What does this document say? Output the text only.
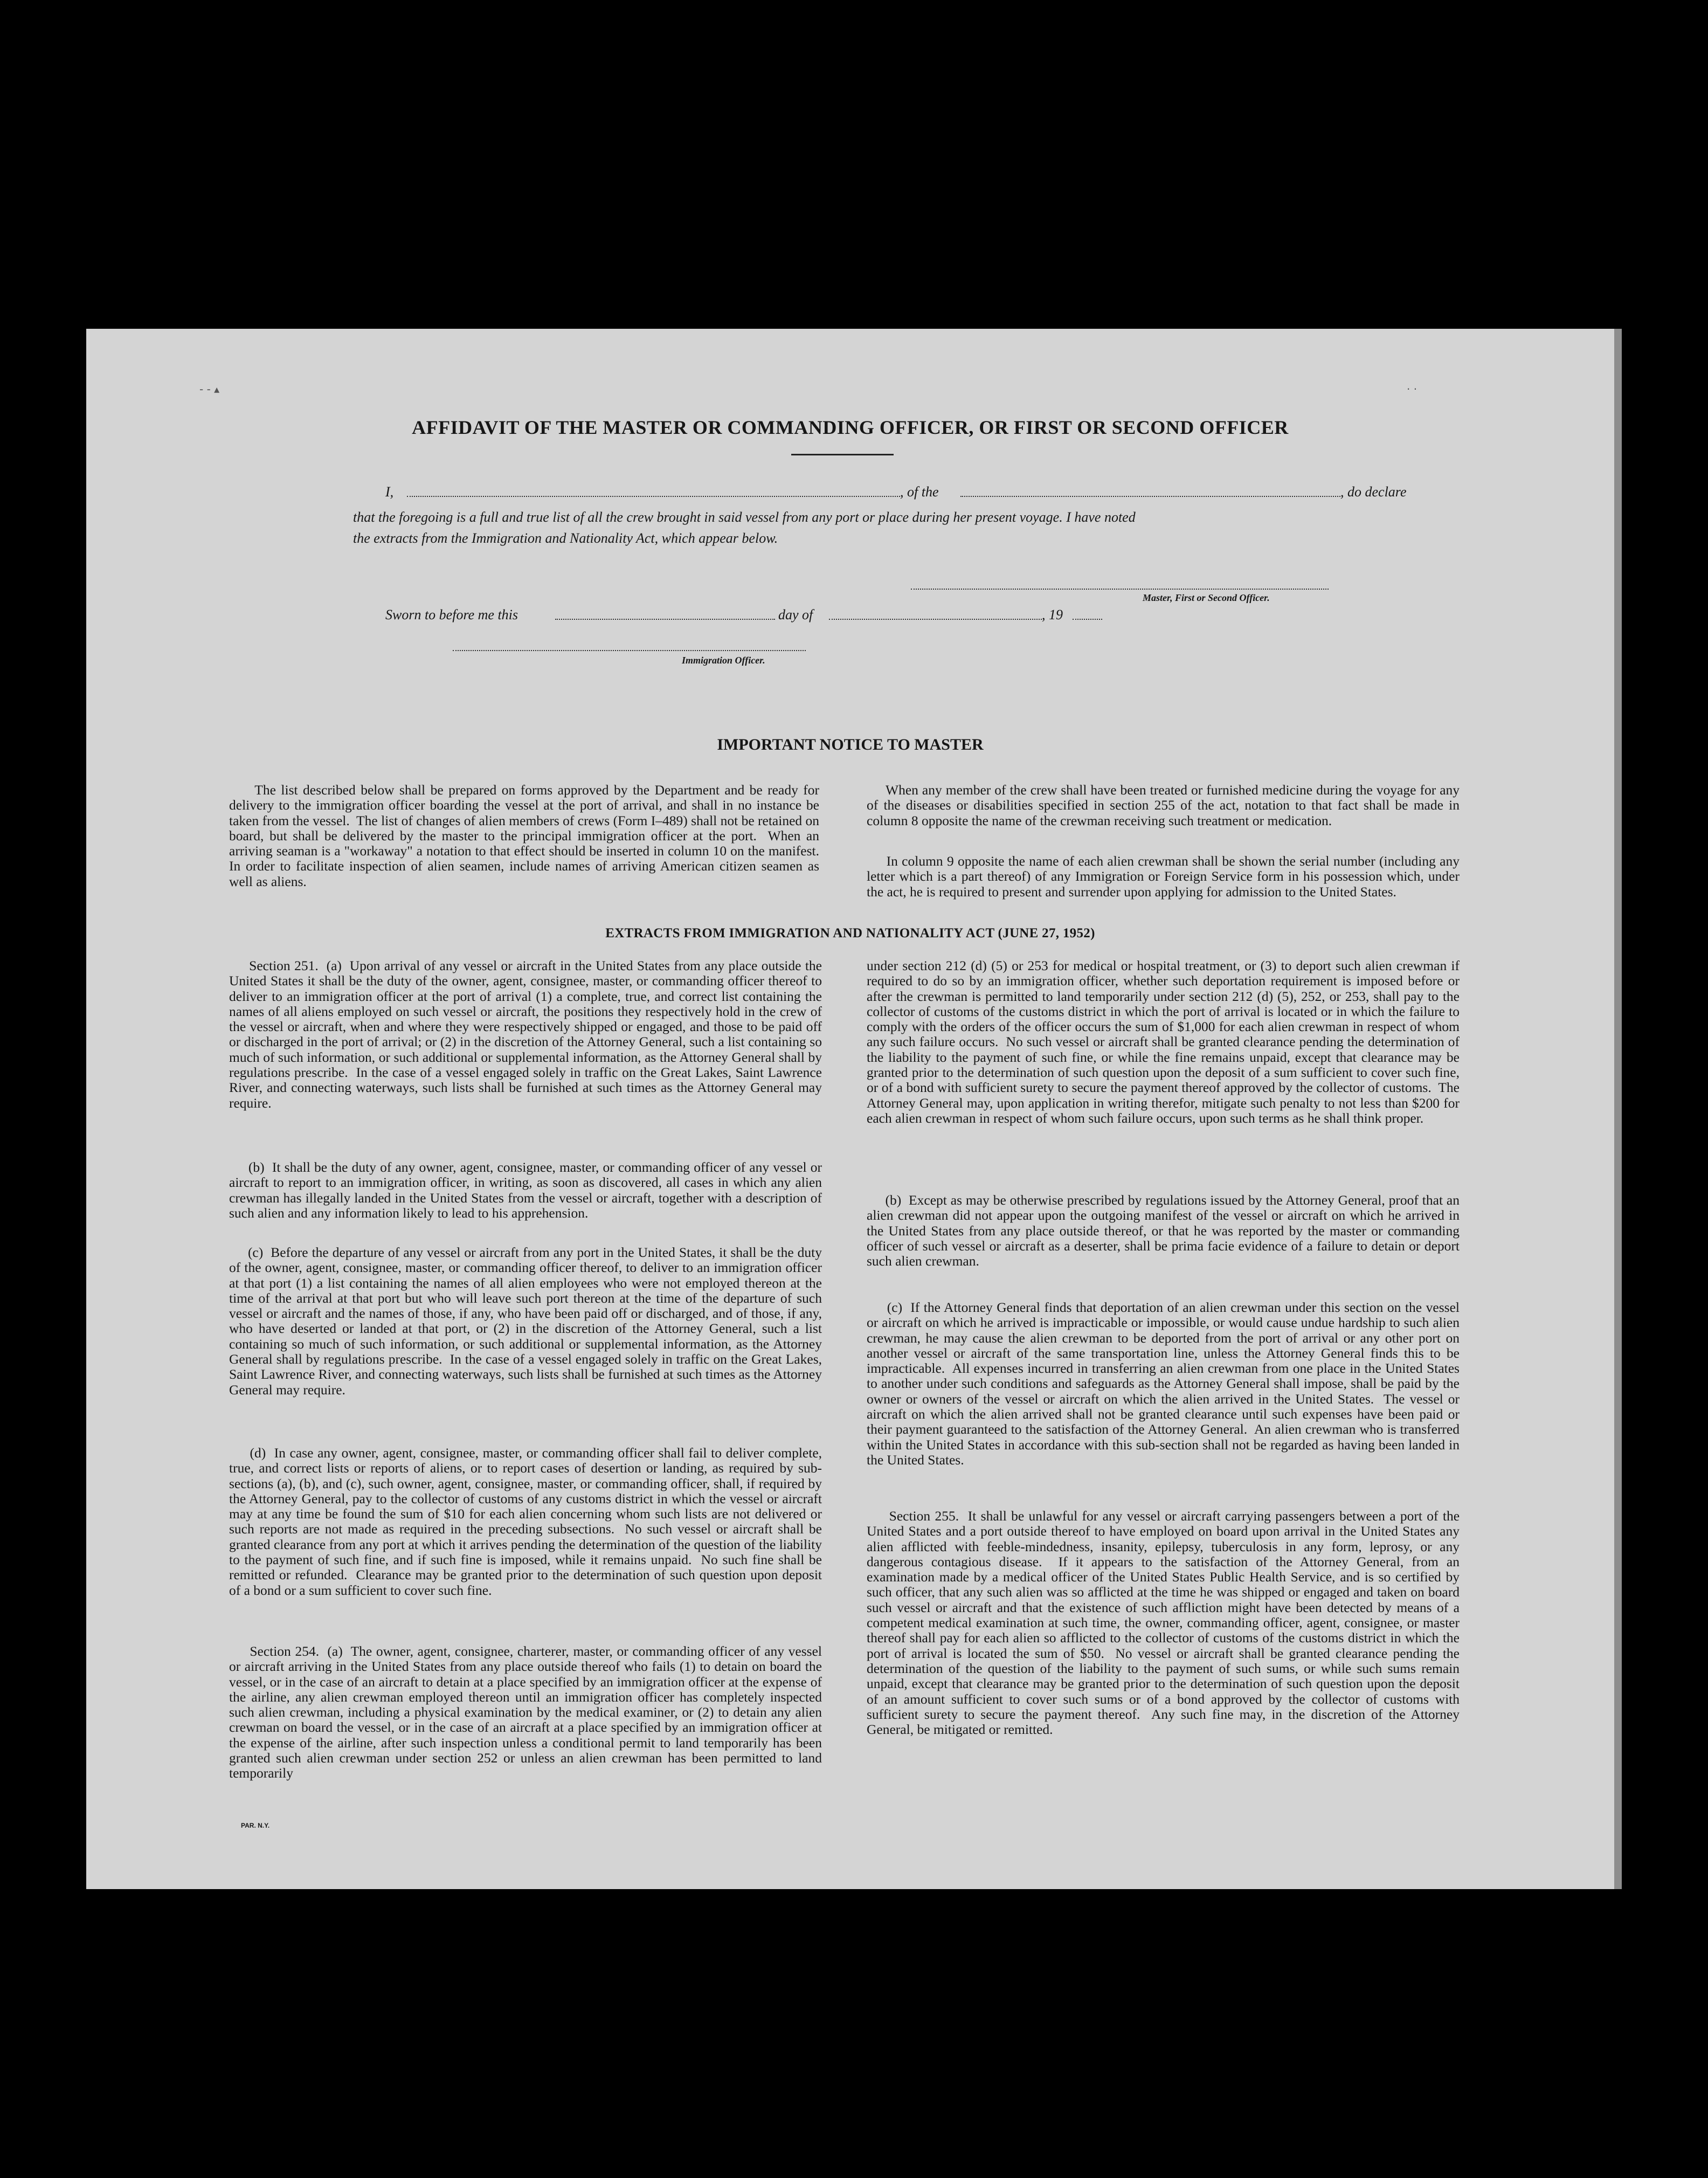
AFFIDAVIT OF THE MASTER OR COMMANDING OFFICER, OR FIRST OR SECOND OFFICER
I,	, of the	, do declare
that the foregoing is a full and true list of all the crew brought in said vessel from any port or place during her present voyage. I have noted
the extracts from the Immigration and Nationality Act, which appear below.
Master, First or Second Officer.
Sworn to before me this	day of	, 19
Immigration Officer.
IMPORTANT NOTICE TO MASTER
The list described below shall be prepared on forms approved by the Department and be ready for delivery to the immigration officer boarding the vessel at the port of arrival, and shall in no instance be taken from the vessel.  The list of changes of alien members of crews (Form I–489) shall not be retained on board, but shall be delivered by the master to the principal immigration officer at the port.  When an arriving seaman is a "workaway" a notation to that effect should be inserted in column 10 on the manifest.  In order to facilitate inspection of alien seamen, include names of arriving American citizen seamen as well as aliens.
When any member of the crew shall have been treated or furnished medicine during the voyage for any of the diseases or disabilities specified in section 255 of the act, notation to that fact shall be made in column 8 opposite the name of the crewman receiving such treatment or medication.
In column 9 opposite the name of each alien crewman shall be shown the serial number (including any letter which is a part thereof) of any Immigration or Foreign Service form in his possession which, under the act, he is required to present and surrender upon applying for admission to the United States.
EXTRACTS FROM IMMIGRATION AND NATIONALITY ACT (JUNE 27, 1952)
Section 251.  (a)  Upon arrival of any vessel or aircraft in the United States from any place outside the United States it shall be the duty of the owner, agent, consignee, master, or commanding officer thereof to deliver to an immigration officer at the port of arrival (1) a complete, true, and correct list containing the names of all aliens employed on such vessel or aircraft, the positions they respectively hold in the crew of the vessel or aircraft, when and where they were respectively shipped or engaged, and those to be paid off or discharged in the port of arrival; or (2) in the discretion of the Attorney General, such a list containing so much of such information, or such additional or supplemental information, as the Attorney General shall by regulations prescribe.  In the case of a vessel engaged solely in traffic on the Great Lakes, Saint Lawrence River, and connecting waterways, such lists shall be furnished at such times as the Attorney General may require.
(b)  It shall be the duty of any owner, agent, consignee, master, or commanding officer of any vessel or aircraft to report to an immigration officer, in writing, as soon as discovered, all cases in which any alien crewman has illegally landed in the United States from the vessel or aircraft, together with a description of such alien and any information likely to lead to his apprehension.
(c)  Before the departure of any vessel or aircraft from any port in the United States, it shall be the duty of the owner, agent, consignee, master, or commanding officer thereof, to deliver to an immigration officer at that port (1) a list containing the names of all alien employees who were not employed thereon at the time of the arrival at that port but who will leave such port thereon at the time of the departure of such vessel or aircraft and the names of those, if any, who have been paid off or discharged, and of those, if any, who have deserted or landed at that port, or (2) in the discretion of the Attorney General, such a list containing so much of such information, or such additional or supplemental information, as the Attorney General shall by regulations prescribe.  In the case of a vessel engaged solely in traffic on the Great Lakes, Saint Lawrence River, and connecting waterways, such lists shall be furnished at such times as the Attorney General may require.
(d)  In case any owner, agent, consignee, master, or commanding officer shall fail to deliver complete, true, and correct lists or reports of aliens, or to report cases of desertion or landing, as required by sub-sections (a), (b), and (c), such owner, agent, consignee, master, or commanding officer, shall, if required by the Attorney General, pay to the collector of customs of any customs district in which the vessel or aircraft may at any time be found the sum of $10 for each alien concerning whom such lists are not delivered or such reports are not made as required in the preceding subsections.  No such vessel or aircraft shall be granted clearance from any port at which it arrives pending the determination of the question of the liability to the payment of such fine, and if such fine is imposed, while it remains unpaid.  No such fine shall be remitted or refunded.  Clearance may be granted prior to the determination of such question upon deposit of a bond or a sum sufficient to cover such fine.
Section 254.  (a)  The owner, agent, consignee, charterer, master, or commanding officer of any vessel or aircraft arriving in the United States from any place outside thereof who fails (1) to detain on board the vessel, or in the case of an aircraft to detain at a place specified by an immigration officer at the expense of the airline, any alien crewman employed thereon until an immigration officer has completely inspected such alien crewman, including a physical examination by the medical examiner, or (2) to detain any alien crewman on board the vessel, or in the case of an aircraft at a place specified by an immigration officer at the expense of the airline, after such inspection unless a conditional permit to land temporarily has been granted such alien crewman under section 252 or unless an alien crewman has been permitted to land temporarily
under section 212 (d) (5) or 253 for medical or hospital treatment, or (3) to deport such alien crewman if required to do so by an immigration officer, whether such deportation requirement is imposed before or after the crewman is permitted to land temporarily under section 212 (d) (5), 252, or 253, shall pay to the collector of customs of the customs district in which the port of arrival is located or in which the failure to comply with the orders of the officer occurs the sum of $1,000 for each alien crewman in respect of whom any such failure occurs.  No such vessel or aircraft shall be granted clearance pending the determination of the liability to the payment of such fine, or while the fine remains unpaid, except that clearance may be granted prior to the determination of such question upon the deposit of a sum sufficient to cover such fine, or of a bond with sufficient surety to secure the payment thereof approved by the collector of customs.  The Attorney General may, upon application in writing therefor, mitigate such penalty to not less than $200 for each alien crewman in respect of whom such failure occurs, upon such terms as he shall think proper.
(b)  Except as may be otherwise prescribed by regulations issued by the Attorney General, proof that an alien crewman did not appear upon the outgoing manifest of the vessel or aircraft on which he arrived in the United States from any place outside thereof, or that he was reported by the master or commanding officer of such vessel or aircraft as a deserter, shall be prima facie evidence of a failure to detain or deport such alien crewman.
(c)  If the Attorney General finds that deportation of an alien crewman under this section on the vessel or aircraft on which he arrived is impracticable or impossible, or would cause undue hardship to such alien crewman, he may cause the alien crewman to be deported from the port of arrival or any other port on another vessel or aircraft of the same transportation line, unless the Attorney General finds this to be impracticable.  All expenses incurred in transferring an alien crewman from one place in the United States to another under such conditions and safeguards as the Attorney General shall impose, shall be paid by the owner or owners of the vessel or aircraft on which the alien arrived in the United States.  The vessel or aircraft on which the alien arrived shall not be granted clearance until such expenses have been paid or their payment guaranteed to the satisfaction of the Attorney General.  An alien crewman who is transferred within the United States in accordance with this sub-section shall not be regarded as having been landed in the United States.
Section 255.  It shall be unlawful for any vessel or aircraft carrying passengers between a port of the United States and a port outside thereof to have employed on board upon arrival in the United States any alien afflicted with feeble-mindedness, insanity, epilepsy, tuberculosis in any form, leprosy, or any dangerous contagious disease.  If it appears to the satisfaction of the Attorney General, from an examination made by a medical officer of the United States Public Health Service, and is so certified by such officer, that any such alien was so afflicted at the time he was shipped or engaged and taken on board such vessel or aircraft and that the existence of such affliction might have been detected by means of a competent medical examination at such time, the owner, commanding officer, agent, consignee, or master thereof shall pay for each alien so afflicted to the collector of customs of the customs district in which the port of arrival is located the sum of $50.  No vessel or aircraft shall be granted clearance pending the determination of the question of the liability to the payment of such sums, or while such sums remain unpaid, except that clearance may be granted prior to the determination of such question upon the deposit of an amount sufficient to cover such sums or of a bond approved by the collector of customs with sufficient surety to secure the payment thereof.  Any such fine may, in the discretion of the Attorney General, be mitigated or remitted.
PAR. N.Y.
- - ▴	· ·
